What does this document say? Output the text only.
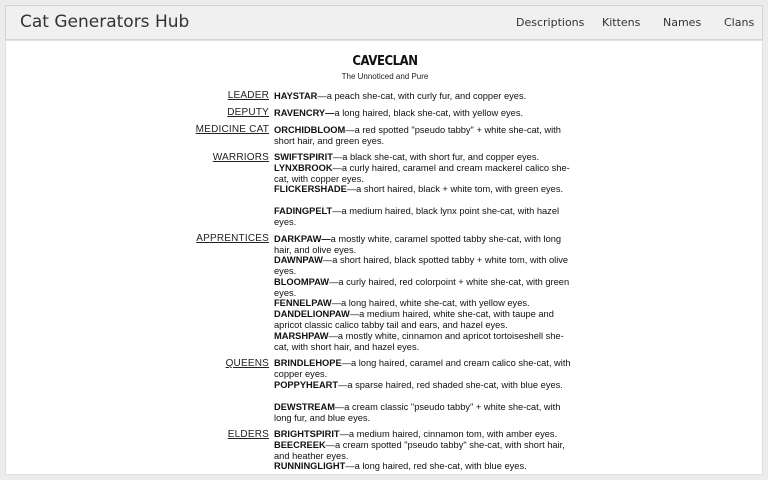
Cat Generators Hub	Descriptions Kittens Names Clans
CAVECLAN
The Unnoticed and Pure
LEADER HAYSTAR—a peach she-cat, with curly fur, and copper eyes.
DEPUTY RAVENCRY—a long haired, black she-cat, with yellow eyes.
MEDICINE CAT ORCHIDBLOOM—a red spotted "pseudo tabby" + white she-cat, with short hair, and green eyes.
WARRIORS SWIFTSPIRIT—a black she-cat, with short fur, and copper eyes.
LYNXBROOK—a curly haired, caramel and cream mackerel calico she-cat, with copper eyes.
FLICKERSHADE—a short haired, black + white tom, with green eyes.
FADINGPELT—a medium haired, black lynx point she-cat, with hazel eyes.
APPRENTICES DARKPAW—a mostly white, caramel spotted tabby she-cat, with long hair, and olive eyes.
DAWNPAW—a short haired, black spotted tabby + white tom, with olive eyes.
BLOOMPAW—a curly haired, red colorpoint + white she-cat, with green eyes.
FENNELPAW—a long haired, white she-cat, with yellow eyes.
DANDELIONPAW—a medium haired, white she-cat, with taupe and apricot classic calico tabby tail and ears, and hazel eyes.
MARSHPAW—a mostly white, cinnamon and apricot tortoiseshell she-cat, with short hair, and hazel eyes.
QUEENS BRINDLEHOPE—a long haired, caramel and cream calico she-cat, with copper eyes.
POPPYHEART—a sparse haired, red shaded she-cat, with blue eyes.
DEWSTREAM—a cream classic "pseudo tabby" + white she-cat, with long fur, and blue eyes.
ELDERS BRIGHTSPIRIT—a medium haired, cinnamon tom, with amber eyes.
BEECREEK—a cream spotted "pseudo tabby" she-cat, with short hair, and heather eyes.
RUNNINGLIGHT—a long haired, red she-cat, with blue eyes.
